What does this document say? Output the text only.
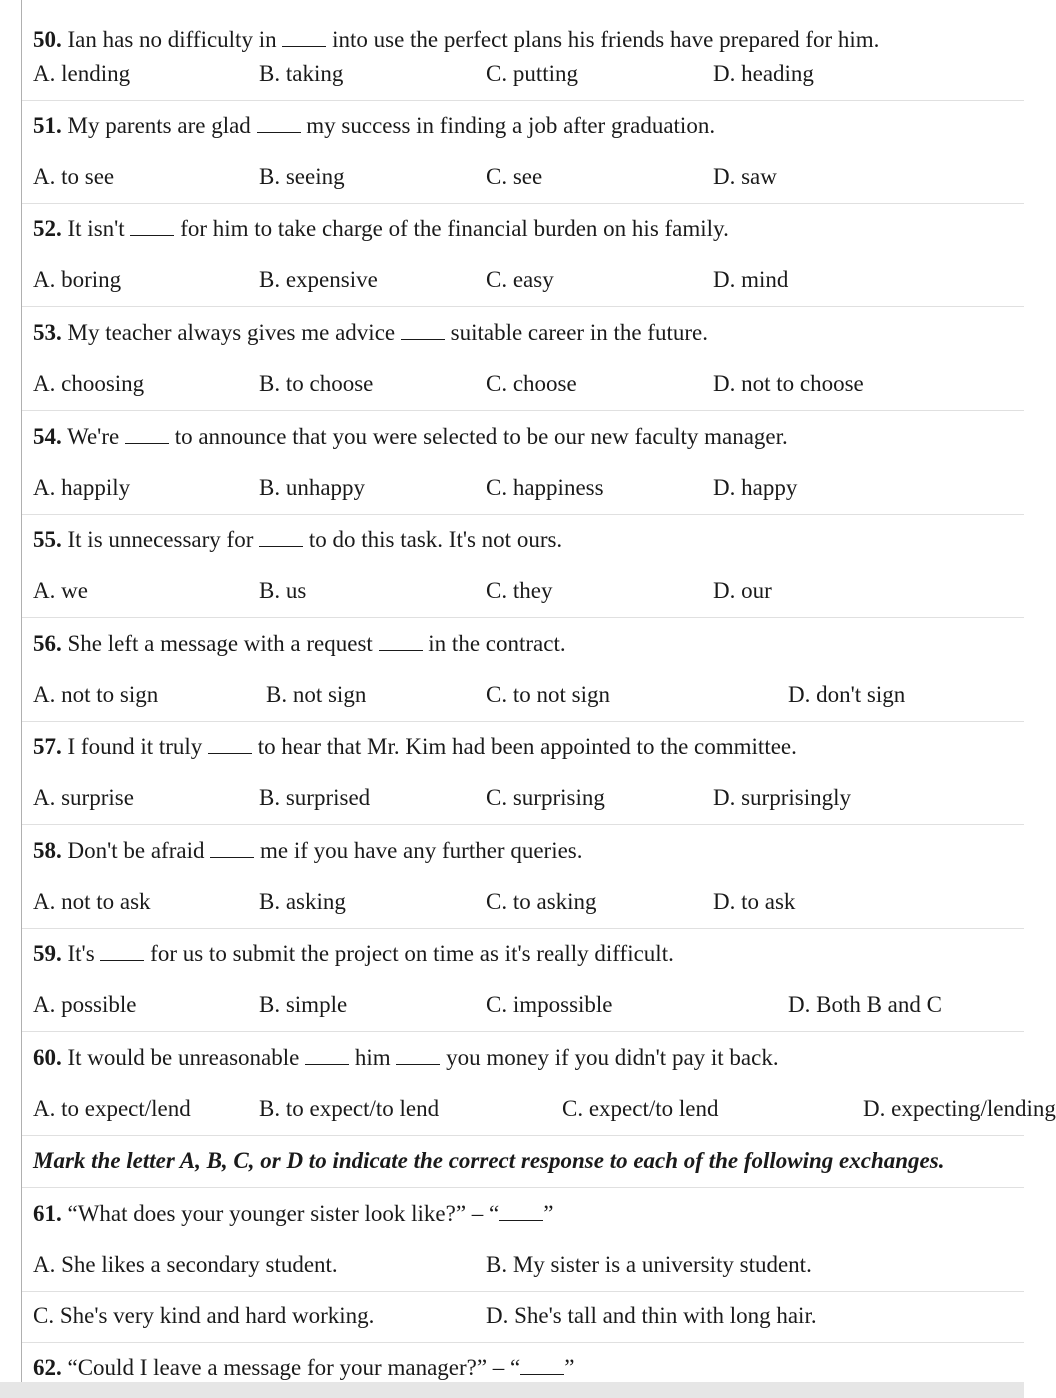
50. Ian has no difficulty in into use the perfect plans his friends have prepared for him.
A. lending	B. taking	C. putting	D. heading
51. My parents are glad my success in finding a job after graduation.
A. to see	B. seeing	C. see	D. saw
52. It isn't for him to take charge of the financial burden on his family.
A. boring	B. expensive	C. easy	D. mind
53. My teacher always gives me advice suitable career in the future.
A. choosing	B. to choose	C. choose	D. not to choose
54. We're to announce that you were selected to be our new faculty manager.
A. happily	B. unhappy	C. happiness	D. happy
55. It is unnecessary for to do this task. It's not ours.
A. we	B. us	C. they	D. our
56. She left a message with a request in the contract.
A. not to sign	B. not sign	C. to not sign	D. don't sign
57. I found it truly to hear that Mr. Kim had been appointed to the committee.
A. surprise	B. surprised	C. surprising	D. surprisingly
58. Don't be afraid me if you have any further queries.
A. not to ask	B. asking	C. to asking	D. to ask
59. It's for us to submit the project on time as it's really difficult.
A. possible	B. simple	C. impossible	D. Both B and C
60. It would be unreasonable him you money if you didn't pay it back.
A. to expect/lend	B. to expect/to lend	C. expect/to lend	D. expecting/lending
Mark the letter A, B, C, or D to indicate the correct response to each of the following exchanges.
61. “What does your younger sister look like?” – “ ”
A. She likes a secondary student.	B. My sister is a university student.
C. She's very kind and hard working.	D. She's tall and thin with long hair.
62. “Could I leave a message for your manager?” – “ ”
